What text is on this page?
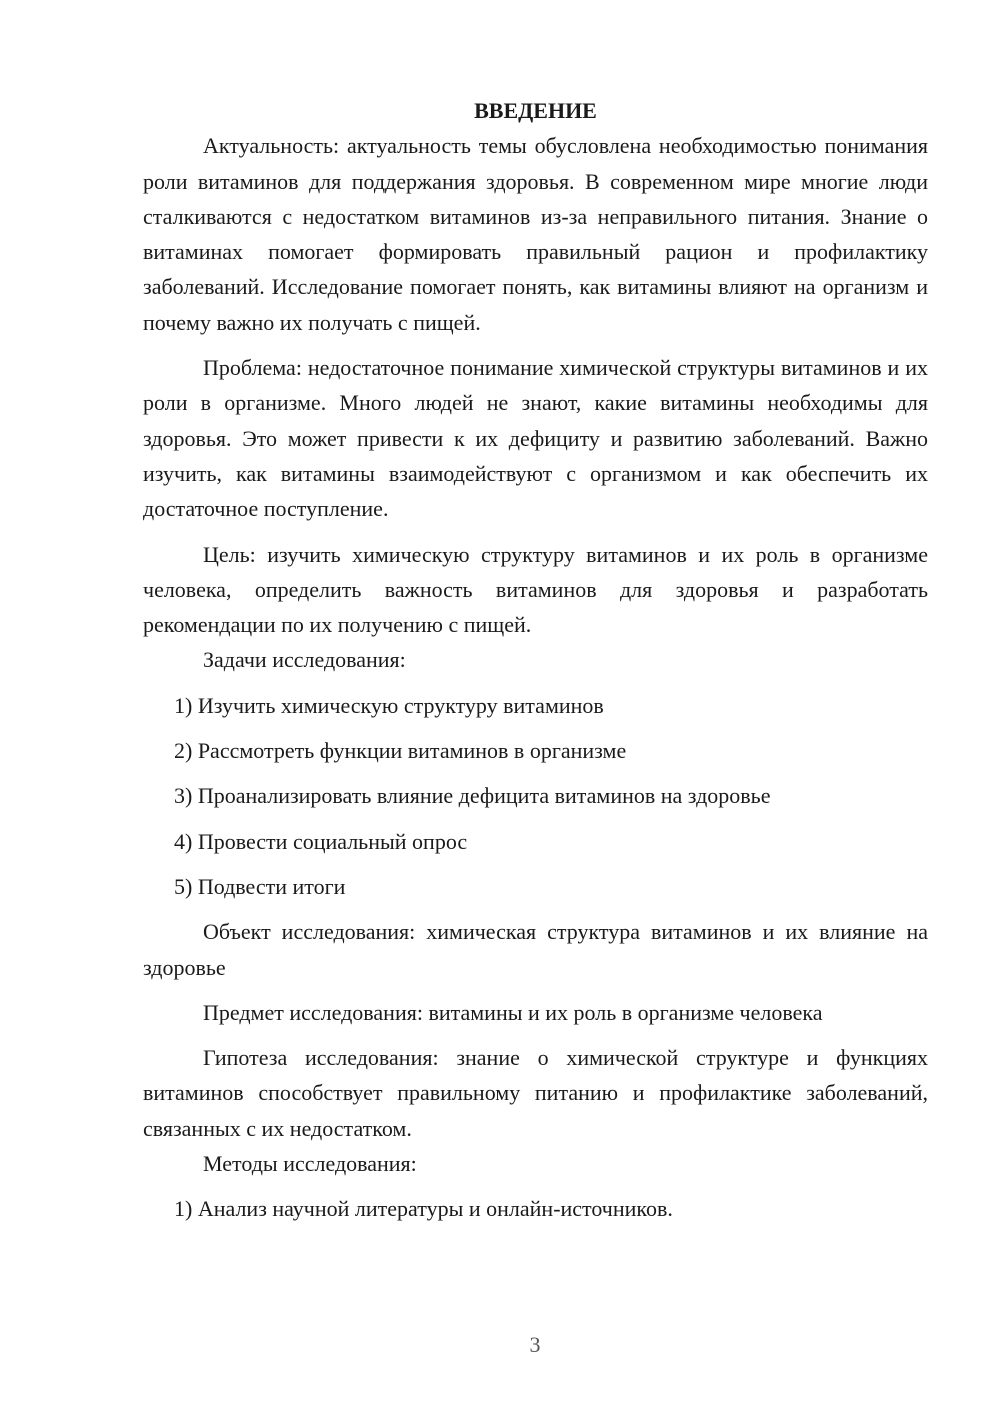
ВВЕДЕНИЕ

Актуальность: актуальность темы обусловлена необходимостью понимания роли витаминов для поддержания здоровья. В современном мире многие люди сталкиваются с недостатком витаминов из-за неправильного питания. Знание о витаминах помогает формировать правильный рацион и профилактику заболеваний. Исследование помогает понять, как витамины влияют на организм и почему важно их получать с пищей.

Проблема: недостаточное понимание химической структуры витаминов и их роли в организме. Много людей не знают, какие витамины необходимы для здоровья. Это может привести к их дефициту и развитию заболеваний. Важно изучить, как витамины взаимодействуют с организмом и как обеспечить их достаточное поступление.

Цель: изучить химическую структуру витаминов и их роль в организме человека, определить важность витаминов для здоровья и разработать рекомендации по их получению с пищей.

Задачи исследования:

1) Изучить химическую структуру витаминов

2) Рассмотреть функции витаминов в организме

3) Проанализировать влияние дефицита витаминов на здоровье

4) Провести социальный опрос

5) Подвести итоги

Объект исследования: химическая структура витаминов и их влияние на здоровье

Предмет исследования: витамины и их роль в организме человека

Гипотеза исследования: знание о химической структуре и функциях витаминов способствует правильному питанию и профилактике заболеваний, связанных с их недостатком.

Методы исследования:

1) Анализ научной литературы и онлайн-источников.

3
